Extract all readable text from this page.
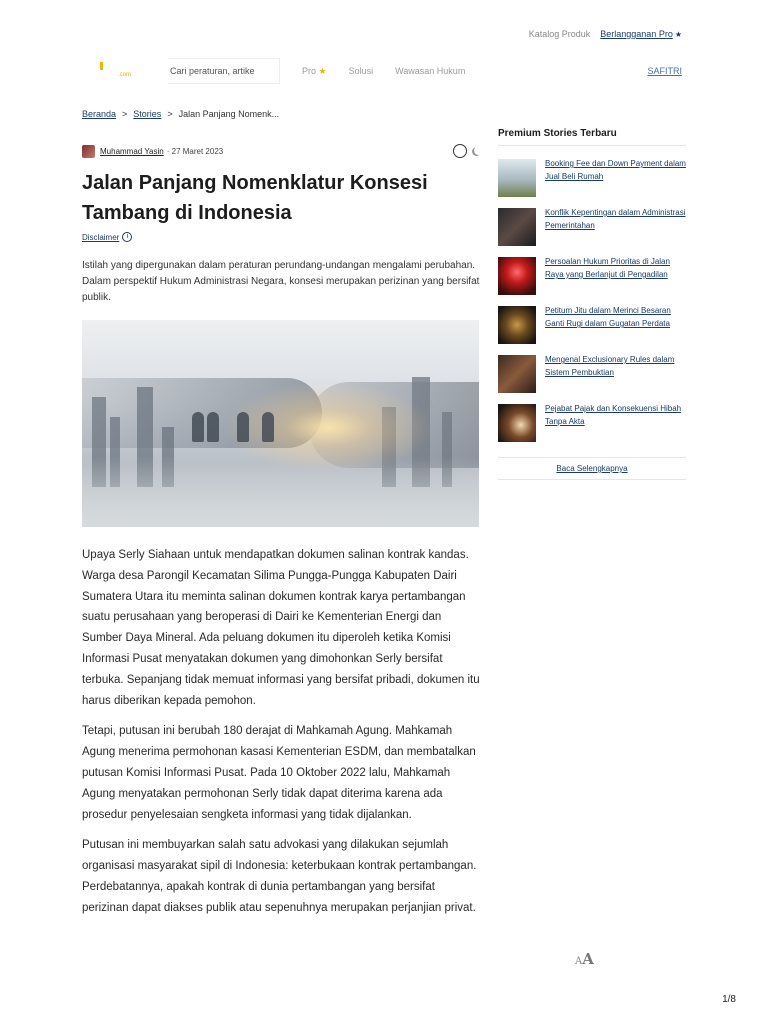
Katalog Produk Berlangganan Pro ★
.com	Cari peraturan, artike	Pro ★ Solusi Wawasan Hukum	SAFITRI
Beranda > Stories > Jalan Panjang Nomenk...
Muhammad Yasin · 27 Maret 2023
Jalan Panjang Nomenklatur Konsesi Tambang di Indonesia
Disclaimer	i

Istilah yang dipergunakan dalam peraturan perundang-undangan mengalami perubahan. Dalam perspektif Hukum Administrasi Negara, konsesi merupakan perizinan yang bersifat publik.

Upaya Serly Siahaan untuk mendapatkan dokumen salinan kontrak kandas. Warga desa Parongil Kecamatan Silima Pungga-Pungga Kabupaten Dairi Sumatera Utara itu meminta salinan dokumen kontrak karya pertambangan suatu perusahaan yang beroperasi di Dairi ke Kementerian Energi dan Sumber Daya Mineral. Ada peluang dokumen itu diperoleh ketika Komisi Informasi Pusat menyatakan dokumen yang dimohonkan Serly bersifat terbuka. Sepanjang tidak memuat informasi yang bersifat pribadi, dokumen itu harus diberikan kepada pemohon.

Tetapi, putusan ini berubah 180 derajat di Mahkamah Agung. Mahkamah Agung menerima permohonan kasasi Kementerian ESDM, dan membatalkan putusan Komisi Informasi Pusat. Pada 10 Oktober 2022 lalu, Mahkamah Agung menyatakan permohonan Serly tidak dapat diterima karena ada prosedur penyelesaian sengketa informasi yang tidak dijalankan.

Putusan ini membuyarkan salah satu advokasi yang dilakukan sejumlah organisasi masyarakat sipil di Indonesia: keterbukaan kontrak pertambangan. Perdebatannya, apakah kontrak di dunia pertambangan yang bersifat perizinan dapat diakses publik atau sepenuhnya merupakan perjanjian privat.

Premium Stories Terbaru
Booking Fee dan Down Payment dalam Jual Beli Rumah
Konflik Kepentingan dalam Administrasi Pemerintahan
Persoalan Hukum Prioritas di Jalan Raya yang Berlanjut di Pengadilan
Petitum Jitu dalam Merinci Besaran Ganti Rugi dalam Gugatan Perdata
Mengenal Exclusionary Rules dalam Sistem Pembuktian
Pejabat Pajak dan Konsekuensi Hibah Tanpa Akta
Baca Selengkapnya
AA
1/8
